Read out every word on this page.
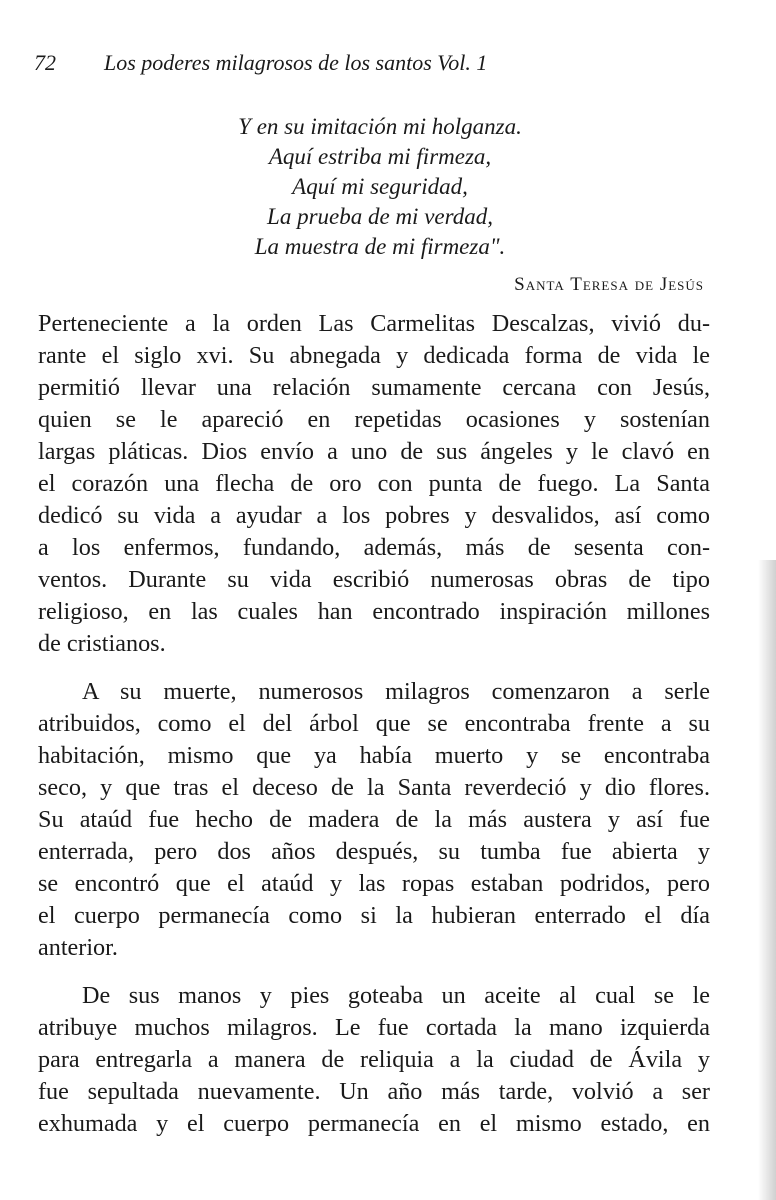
72 Los poderes milagrosos de los santos Vol. 1
Y en su imitación mi holganza.
Aquí estriba mi firmeza,
Aquí mi seguridad,
La prueba de mi verdad,
La muestra de mi firmeza".
Santa Teresa de Jesús

Perteneciente a la orden Las Carmelitas Descalzas, vivió du-
rante el siglo xvi. Su abnegada y dedicada forma de vida le
permitió llevar una relación sumamente cercana con Jesús,
quien se le apareció en repetidas ocasiones y sostenían
largas pláticas. Dios envío a uno de sus ángeles y le clavó en
el corazón una flecha de oro con punta de fuego. La Santa
dedicó su vida a ayudar a los pobres y desvalidos, así como
a los enfermos, fundando, además, más de sesenta con-
ventos. Durante su vida escribió numerosas obras de tipo
religioso, en las cuales han encontrado inspiración millones
de cristianos.

A su muerte, numerosos milagros comenzaron a serle
atribuidos, como el del árbol que se encontraba frente a su
habitación, mismo que ya había muerto y se encontraba
seco, y que tras el deceso de la Santa reverdeció y dio flores.
Su ataúd fue hecho de madera de la más austera y así fue
enterrada, pero dos años después, su tumba fue abierta y
se encontró que el ataúd y las ropas estaban podridos, pero
el cuerpo permanecía como si la hubieran enterrado el día
anterior.

De sus manos y pies goteaba un aceite al cual se le
atribuye muchos milagros. Le fue cortada la mano izquierda
para entregarla a manera de reliquia a la ciudad de Ávila y
fue sepultada nuevamente. Un año más tarde, volvió a ser
exhumada y el cuerpo permanecía en el mismo estado, en
